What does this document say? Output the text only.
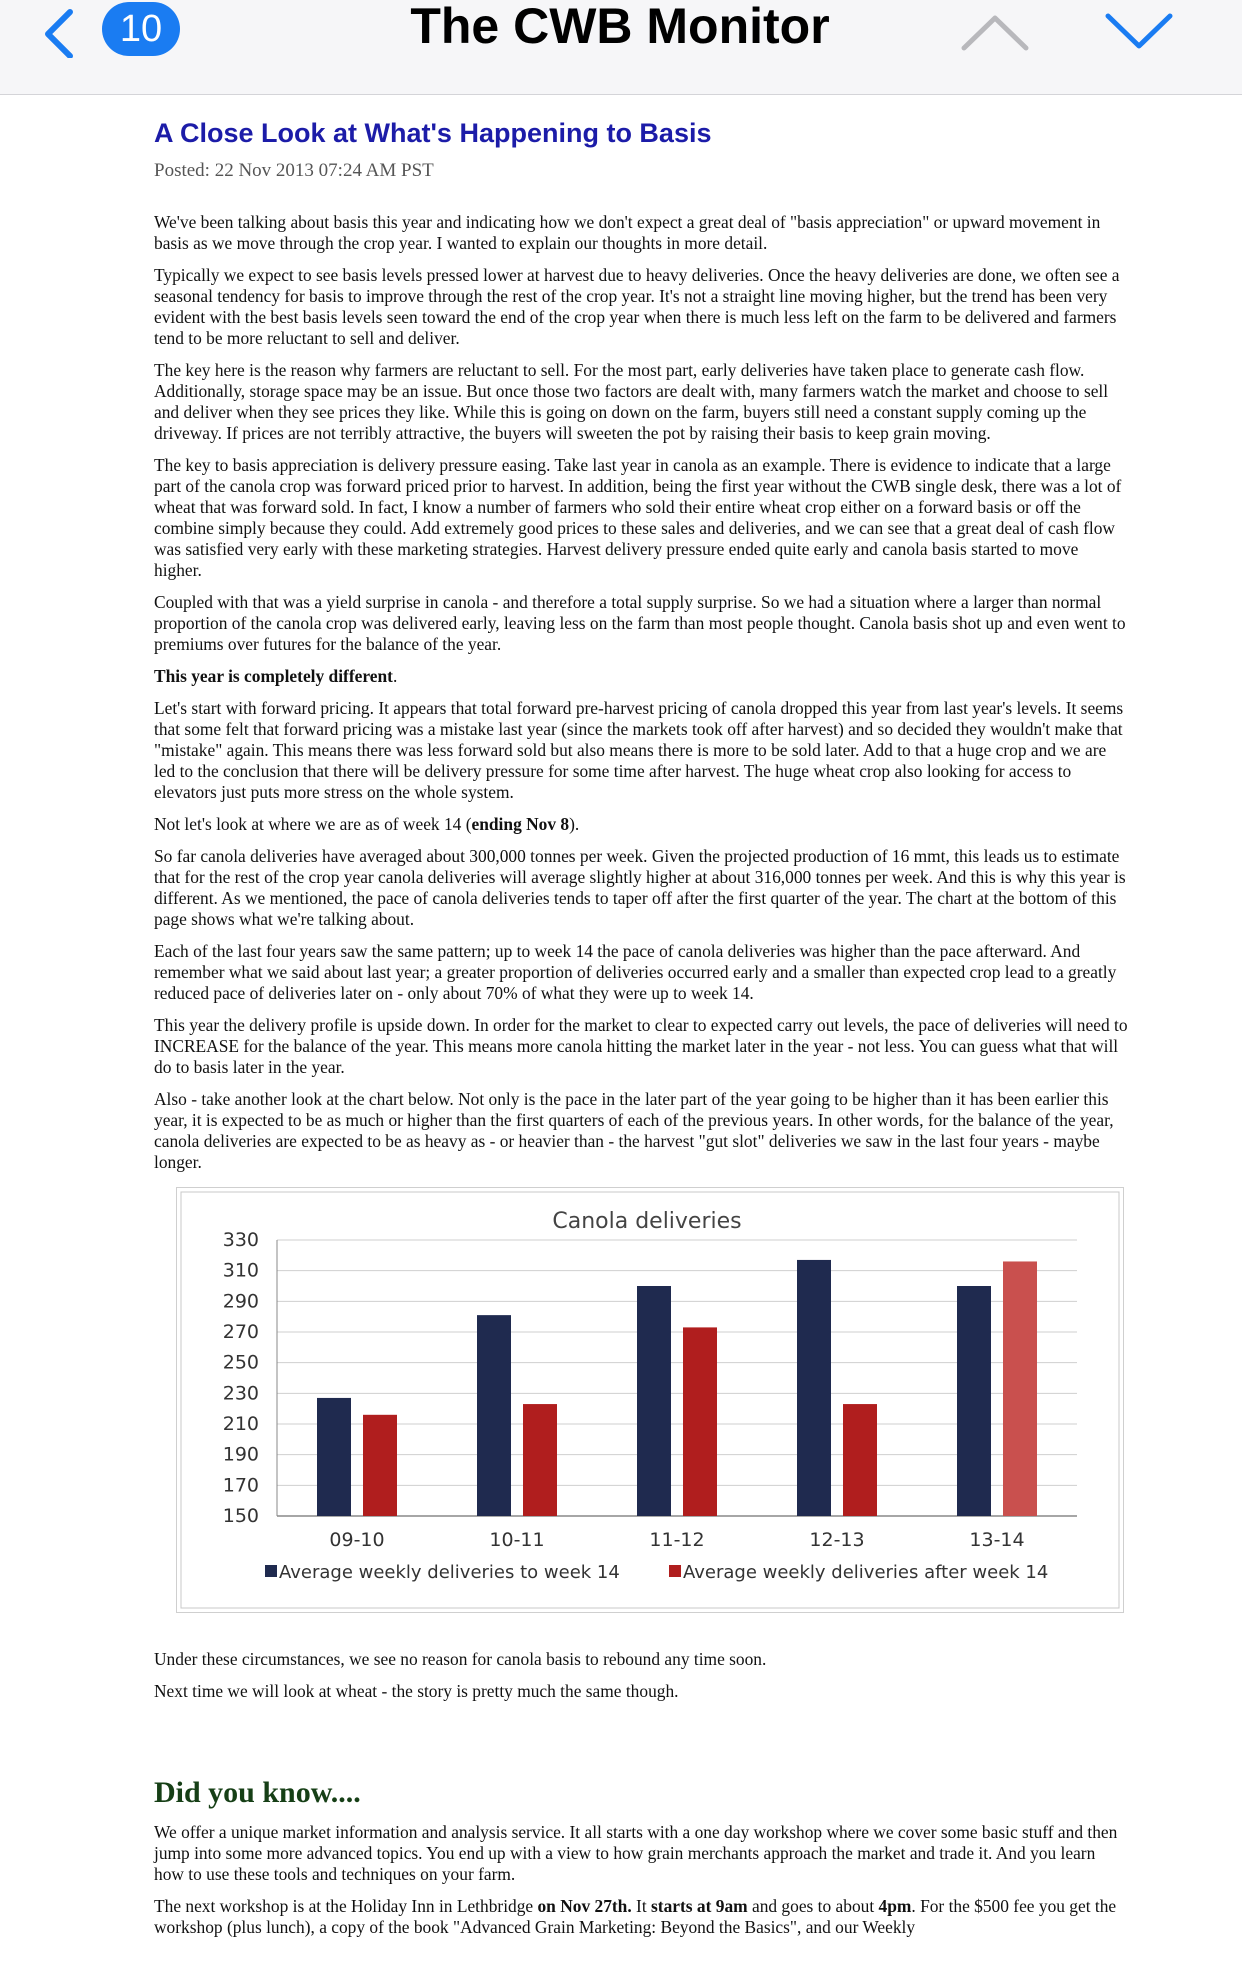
10	The CWB Monitor
A Close Look at What's Happening to Basis
Posted: 22 Nov 2013 07:24 AM PST

We've been talking about basis this year and indicating how we don't expect a great deal of "basis appreciation" or upward movement in basis as we move through the crop year. I wanted to explain our thoughts in more detail.

Typically we expect to see basis levels pressed lower at harvest due to heavy deliveries. Once the heavy deliveries are done, we often see a seasonal tendency for basis to improve through the rest of the crop year. It's not a straight line moving higher, but the trend has been very evident with the best basis levels seen toward the end of the crop year when there is much less left on the farm to be delivered and farmers tend to be more reluctant to sell and deliver.

The key here is the reason why farmers are reluctant to sell. For the most part, early deliveries have taken place to generate cash flow. Additionally, storage space may be an issue. But once those two factors are dealt with, many farmers watch the market and choose to sell and deliver when they see prices they like. While this is going on down on the farm, buyers still need a constant supply coming up the driveway. If prices are not terribly attractive, the buyers will sweeten the pot by raising their basis to keep grain moving.

The key to basis appreciation is delivery pressure easing. Take last year in canola as an example. There is evidence to indicate that a large part of the canola crop was forward priced prior to harvest. In addition, being the first year without the CWB single desk, there was a lot of wheat that was forward sold. In fact, I know a number of farmers who sold their entire wheat crop either on a forward basis or off the combine simply because they could. Add extremely good prices to these sales and deliveries, and we can see that a great deal of cash flow was satisfied very early with these marketing strategies. Harvest delivery pressure ended quite early and canola basis started to move higher.

Coupled with that was a yield surprise in canola - and therefore a total supply surprise. So we had a situation where a larger than normal proportion of the canola crop was delivered early, leaving less on the farm than most people thought. Canola basis shot up and even went to premiums over futures for the balance of the year.

This year is completely different.

Let's start with forward pricing. It appears that total forward pre-harvest pricing of canola dropped this year from last year's levels. It seems that some felt that forward pricing was a mistake last year (since the markets took off after harvest) and so decided they wouldn't make that "mistake" again. This means there was less forward sold but also means there is more to be sold later. Add to that a huge crop and we are led to the conclusion that there will be delivery pressure for some time after harvest. The huge wheat crop also looking for access to elevators just puts more stress on the whole system.

Not let's look at where we are as of week 14 (ending Nov 8).

So far canola deliveries have averaged about 300,000 tonnes per week. Given the projected production of 16 mmt, this leads us to estimate that for the rest of the crop year canola deliveries will average slightly higher at about 316,000 tonnes per week. And this is why this year is different. As we mentioned, the pace of canola deliveries tends to taper off after the first quarter of the year. The chart at the bottom of this page shows what we're talking about.

Each of the last four years saw the same pattern; up to week 14 the pace of canola deliveries was higher than the pace afterward. And remember what we said about last year; a greater proportion of deliveries occurred early and a smaller than expected crop lead to a greatly reduced pace of deliveries later on - only about 70% of what they were up to week 14.

This year the delivery profile is upside down. In order for the market to clear to expected carry out levels, the pace of deliveries will need to INCREASE for the balance of the year. This means more canola hitting the market later in the year - not less. You can guess what that will do to basis later in the year.

Also - take another look at the chart below. Not only is the pace in the later part of the year going to be higher than it has been earlier this year, it is expected to be as much or higher than the first quarters of each of the previous years. In other words, for the balance of the year, canola deliveries are expected to be as heavy as - or heavier than - the harvest "gut slot" deliveries we saw in the last four years - maybe longer.

Canola deliveries
330
310
290
270
250
230
210
190
170
150
09-10	10-11	11-12	12-13	13-14
Average weekly deliveries to week 14	Average weekly deliveries after week 14

Under these circumstances, we see no reason for canola basis to rebound any time soon.

Next time we will look at wheat - the story is pretty much the same though.

Did you know....

We offer a unique market information and analysis service. It all starts with a one day workshop where we cover some basic stuff and then jump into some more advanced topics. You end up with a view to how grain merchants approach the market and trade it. And you learn how to use these tools and techniques on your farm.

The next workshop is at the Holiday Inn in Lethbridge on Nov 27th. It starts at 9am and goes to about 4pm. For the $500 fee you get the workshop (plus lunch), a copy of the book "Advanced Grain Marketing: Beyond the Basics", and our Weekly
